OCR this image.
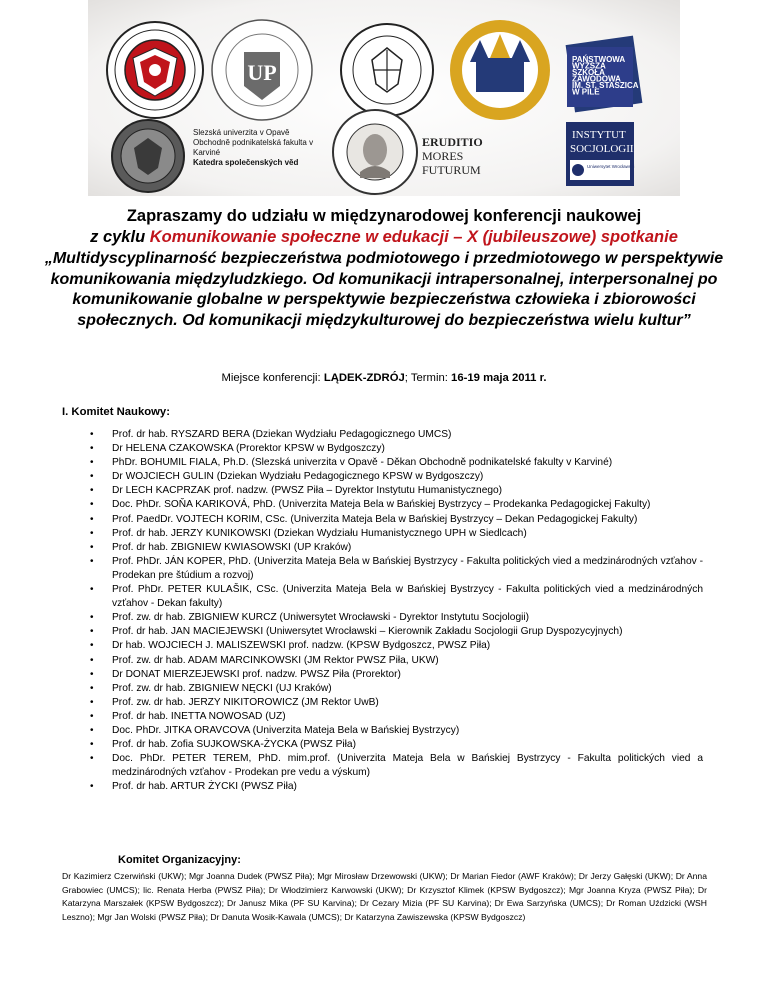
UP
PAŃSTWOWA WYŻSZA SZKOŁA ZAWODOWA IM. ST. STASZICA W PILE
Slezská univerzita v Opavě Obchodně podnikatelská fakulta v Karviné Katedra společenských věd
ERUDITIO
MORES
FUTURUM
INSTYTUT
SOCJOLOGII
Uniwersytet Wrocławski
Zapraszamy do udziału w międzynarodowej konferencji naukowej
z cyklu Komunikowanie społeczne w edukacji – X (jubileuszowe) spotkanie
„Multidyscyplinarność bezpieczeństwa podmiotowego i przedmiotowego w perspektywie komunikowania międzyludzkiego. Od komunikacji intrapersonalnej, interpersonalnej po komunikowanie globalne w perspektywie bezpieczeństwa człowieka i zbiorowości społecznych. Od komunikacji międzykulturowej do bezpieczeństwa wielu kultur”
Miejsce konferencji: LĄDEK-ZDRÓJ; Termin: 16-19 maja 2011 r.
I. Komitet Naukowy:
• Prof. dr hab. RYSZARD BERA (Dziekan Wydziału Pedagogicznego UMCS)
• Dr HELENA CZAKOWSKA (Prorektor KPSW w Bydgoszczy)
• PhDr. BOHUMIL FIALA, Ph.D. (Slezská univerzita v Opavě - Děkan Obchodně podnikatelské fakulty v Karviné)
• Dr WOJCIECH GULIN (Dziekan Wydziału Pedagogicznego KPSW w Bydgoszczy)
• Dr LECH KACPRZAK prof. nadzw. (PWSZ Piła – Dyrektor Instytutu Humanistycznego)
• Doc. PhDr. SOŇA KARIKOVÁ, PhD. (Univerzita Mateja Bela w Bańskiej Bystrzycy – Prodekanka Pedagogickej Fakulty)
• Prof. PaedDr. VOJTECH KORIM, CSc. (Univerzita Mateja Bela w Bańskiej Bystrzycy – Dekan Pedagogickej Fakulty)
• Prof. dr hab. JERZY KUNIKOWSKI (Dziekan Wydziału Humanistycznego UPH w Siedlcach)
• Prof. dr hab. ZBIGNIEW KWIASOWSKI (UP Kraków)
• Prof. PhDr. JÁN KOPER, PhD. (Univerzita Mateja Bela w Bańskiej Bystrzycy - Fakulta politických vied a medzinárodných vzťahov - Prodekan pre štúdium a rozvoj)
• Prof. PhDr. PETER KULAŠIK, CSc. (Univerzita Mateja Bela w Bańskiej Bystrzycy - Fakulta politických vied a medzinárodných vzťahov - Dekan fakulty)
• Prof. zw. dr hab. ZBIGNIEW KURCZ (Uniwersytet Wrocławski - Dyrektor Instytutu Socjologii)
• Prof. dr hab. JAN MACIEJEWSKI (Uniwersytet Wrocławski – Kierownik Zakładu Socjologii Grup Dyspozycyjnych)
• Dr hab. WOJCIECH J. MALISZEWSKI prof. nadzw. (KPSW Bydgoszcz, PWSZ Piła)
• Prof. zw. dr hab. ADAM MARCINKOWSKI (JM Rektor PWSZ Piła, UKW)
• Dr DONAT MIERZEJEWSKI prof. nadzw. PWSZ Piła (Prorektor)
• Prof. zw. dr hab. ZBIGNIEW NĘCKI (UJ Kraków)
• Prof. zw. dr hab. JERZY NIKITOROWICZ (JM Rektor UwB)
• Prof. dr hab. INETTA NOWOSAD (UZ)
• Doc. PhDr. JITKA ORAVCOVA (Univerzita Mateja Bela w Bańskiej Bystrzycy)
• Prof. dr hab. Zofia SUJKOWSKA-ŻYCKA (PWSZ Piła)
• Doc. PhDr. PETER TEREM, PhD. mim.prof. (Univerzita Mateja Bela w Bańskiej Bystrzycy - Fakulta politických vied a medzinárodných vzťahov - Prodekan pre vedu a výskum)
• Prof. dr hab. ARTUR ŻYCKI (PWSZ Piła)
Komitet Organizacyjny:
Dr Kazimierz Czerwiński (UKW); Mgr Joanna Dudek (PWSZ Piła); Mgr Mirosław Drzewowski (UKW); Dr Marian Fiedor (AWF Kraków); Dr Jerzy Gałęski (UKW); Dr Anna Grabowiec (UMCS); lic. Renata Herba (PWSZ Piła); Dr Włodzimierz Karwowski (UKW); Dr Krzysztof Klimek (KPSW Bydgoszcz); Mgr Joanna Kryza (PWSZ Piła); Dr Katarzyna Marszałek (KPSW Bydgoszcz); Dr Janusz Mika (PF SU Karvina); Dr Cezary Mizia (PF SU Karvina); Dr Ewa Sarzyńska (UMCS); Dr Roman Uździcki (WSH Leszno); Mgr Jan Wolski (PWSZ Piła); Dr Danuta Wosik-Kawala (UMCS); Dr Katarzyna Zawiszewska (KPSW Bydgoszcz)
